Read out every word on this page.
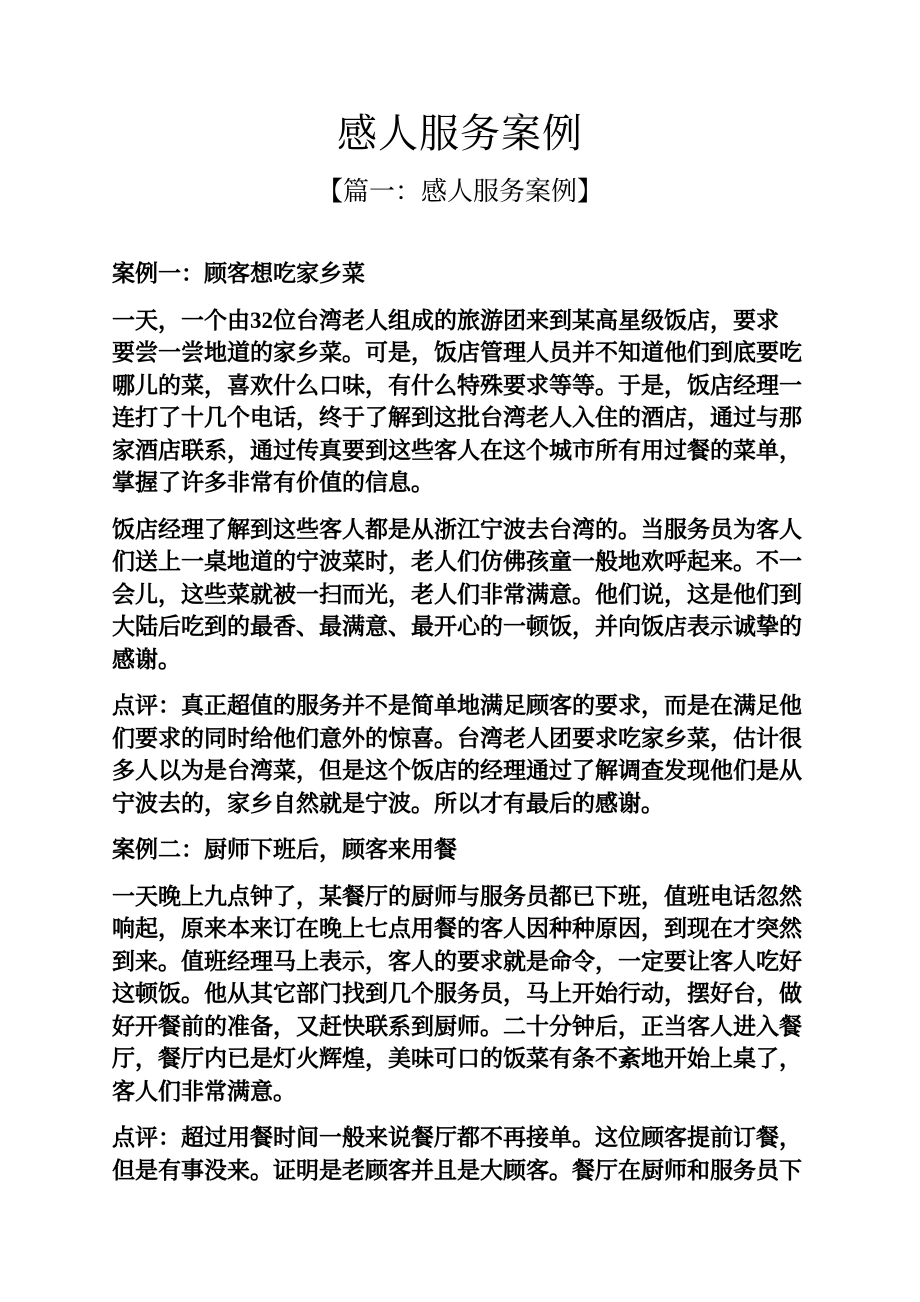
感人服务案例
【篇一：感人服务案例】
案例一：顾客想吃家乡菜
一天，一个由32位台湾老人组成的旅游团来到某高星级饭店，要求
要尝一尝地道的家乡菜。可是，饭店管理人员并不知道他们到底要吃
哪儿的菜，喜欢什么口味，有什么特殊要求等等。于是，饭店经理一
连打了十几个电话，终于了解到这批台湾老人入住的酒店，通过与那
家酒店联系，通过传真要到这些客人在这个城市所有用过餐的菜单，
掌握了许多非常有价值的信息。
饭店经理了解到这些客人都是从浙江宁波去台湾的。当服务员为客人
们送上一桌地道的宁波菜时，老人们仿佛孩童一般地欢呼起来。不一
会儿，这些菜就被一扫而光，老人们非常满意。他们说，这是他们到
大陆后吃到的最香、最满意、最开心的一顿饭，并向饭店表示诚挚的
感谢。
点评：真正超值的服务并不是简单地满足顾客的要求，而是在满足他
们要求的同时给他们意外的惊喜。台湾老人团要求吃家乡菜，估计很
多人以为是台湾菜，但是这个饭店的经理通过了解调查发现他们是从
宁波去的，家乡自然就是宁波。所以才有最后的感谢。
案例二：厨师下班后，顾客来用餐
一天晚上九点钟了，某餐厅的厨师与服务员都已下班，值班电话忽然
响起，原来本来订在晚上七点用餐的客人因种种原因，到现在才突然
到来。值班经理马上表示，客人的要求就是命令，一定要让客人吃好
这顿饭。他从其它部门找到几个服务员，马上开始行动，摆好台，做
好开餐前的准备，又赶快联系到厨师。二十分钟后，正当客人进入餐
厅，餐厅内已是灯火辉煌，美味可口的饭菜有条不紊地开始上桌了，
客人们非常满意。
点评：超过用餐时间一般来说餐厅都不再接单。这位顾客提前订餐，
但是有事没来。证明是老顾客并且是大顾客。餐厅在厨师和服务员下
